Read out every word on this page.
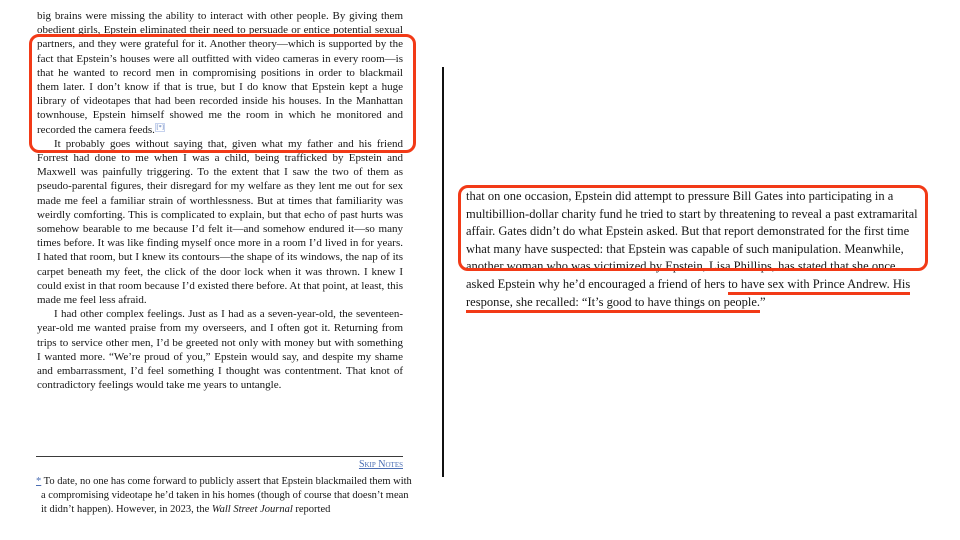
big brains were missing the ability to interact with other people. By giving them obedient girls, Epstein eliminated their need to persuade or entice potential sexual partners, and they were grateful for it. Another theory—which is supported by the fact that Epstein’s houses were all outfitted with video cameras in every room—is that he wanted to record men in compromising positions in order to blackmail them later. I don’t know if that is true, but I do know that Epstein kept a huge library of videotapes that had been recorded inside his houses. In the Manhattan townhouse, Epstein himself showed me the room in which he monitored and recorded the camera feeds. [*]
It probably goes without saying that, given what my father and his friend Forrest had done to me when I was a child, being trafficked by Epstein and Maxwell was painfully triggering. To the extent that I saw the two of them as pseudo-parental figures, their disregard for my welfare as they lent me out for sex made me feel a familiar strain of worthlessness. But at times that familiarity was weirdly comforting. This is complicated to explain, but that echo of past hurts was somehow bearable to me because I’d felt it—and somehow endured it—so many times before. It was like finding myself once more in a room I’d lived in for years. I hated that room, but I knew its contours—the shape of its windows, the nap of its carpet beneath my feet, the click of the door lock when it was thrown. I knew I could exist in that room because I’d existed there before. At that point, at least, this made me feel less afraid.
I had other complex feelings. Just as I had as a seven-year-old, the seventeen-year-old me wanted praise from my overseers, and I often got it. Returning from trips to service other men, I’d be greeted not only with money but with something I wanted more. “We’re proud of you,” Epstein would say, and despite my shame and embarrassment, I’d feel something I thought was contentment. That knot of contradictory feelings would take me years to untangle.
Skip Notes
* To date, no one has come forward to publicly assert that Epstein blackmailed them with a compromising videotape he’d taken in his homes (though of course that doesn’t mean it didn’t happen). However, in 2023, the Wall Street Journal reported
that on one occasion, Epstein did attempt to pressure Bill Gates into participating in a multibillion-dollar charity fund he tried to start by threatening to reveal a past extramarital affair. Gates didn’t do what Epstein asked. But that report demonstrated for the first time what many have suspected: that Epstein was capable of such manipulation. Meanwhile, another woman who was victimized by Epstein, Lisa Phillips, has stated that she once asked Epstein why he’d encouraged a friend of hers to have sex with Prince Andrew. His response, she recalled: “It’s good to have things on people.”
